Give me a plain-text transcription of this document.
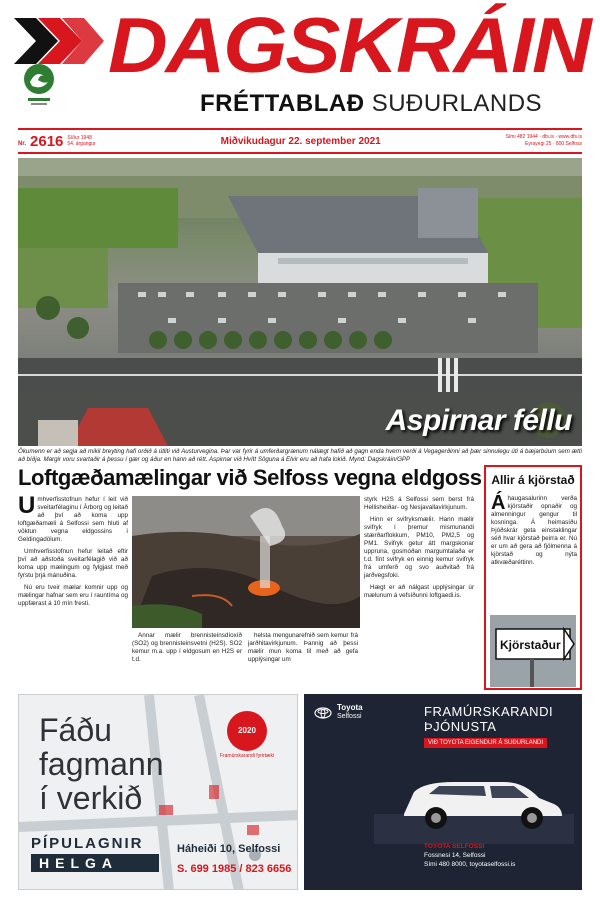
DAGSKRÁIN
FRÉTTABLAÐ SUÐURLANDS
Nr. 2616 Síður 1948
54. árgangur	Miðvikudagur 22. september 2021	Sími 482 1944 · dfs.is · www.dfs.is
Eyravegi 25 · 800 Selfoss
Aspirnar féllu
Ökumenn er að segja að mikil breyting hafi orðið á útliti við Austurvegina. Þar var fyrir á umferðargrænum nálægt hafið að gagn enda hvern verði á Vegagerðinni að þær sinnulegu úti á bæjarbúum sem ætti að bíðja. Margir voru svartaðir á þessu í gær og áður en hann að rétt. Aspirnar við Hvítt Söguna á Elvir eru að hafa lokið. Mynd: Dagskráin/GPP
Loftgæðamælingar við Selfoss vegna eldgoss

Umhverfisstofnun hefur í leit við sveitarfélaginu í Árborg og leitað að því að koma upp loftgæðamæli á Selfossi sem hluti af vöktun vegna eldgossins í Geldingadölum.

Umhverfisstofnun hefur leitað eftir því að aðstoða sveitarfélagið við að koma upp mælingum og fylgjast með fyrstu þrjá mánuðina.

Nú eru tveir mælar komnir upp og mælingar hafnar sem eru í rauntíma og uppfærast á 10 mín fresti.

Annar mælir brennisteinsdíoxíð (SO2) og brennisteinsvetni (H2S). SO2 kemur m.a. upp í eldgosum en H2S er t.d.

helsta mengunarefnið sem kemur frá jarðhitavirkjunum. Þannig að þessi mælir mun koma til með að gefa upplýsingar um

styrk H2S á Selfossi sem berst frá Hellisheiðar- og Nesjavallavirkjunum.

Hinn er svifryksmælir. Hann mælir svifryk í þremur mismunandi stærðarflokkum, PM10, PM2,5 og PM1. Svifryk getur átt margskonar uppruna, gosmóðan margumtalaða er t.d. fínt svifryk en einnig kemur svifryk frá umferð og svo auðvitað frá jarðvegsfoki.

Hægt er að nálgast upplýsingar úr mælunum á vefsíðunni loftgaedi.is.

Allir á kjörstað
Áhaugasalurinn verða kjörstaðir opnaðir og almenningur gengur til kosninga. Á heimasíðu Þjóðskrár geta einstaklingar séð hvar kjörstað þeirra er. Nú er um að gera að fjölmenna á kjörstað og nýta atkvæðaréttinn.
Kjörstaður
Fáðu
fagmann
í verkið
2020
Framúrskarandi fyrirtæki
PÍPULAGNIR
HELGA
Háheiði 10, Selfossi
S. 699 1985 / 823 6656
Toyota
Selfossi	FRAMÚRSKARANDI
ÞJÓNUSTA
VIÐ TOYOTA EIGENDUR Á SUÐURLANDI
TOYOTA SELFOSSI
Fossnesi 14, Selfossi
Sími 480 8000, toyotaselfossi.is
